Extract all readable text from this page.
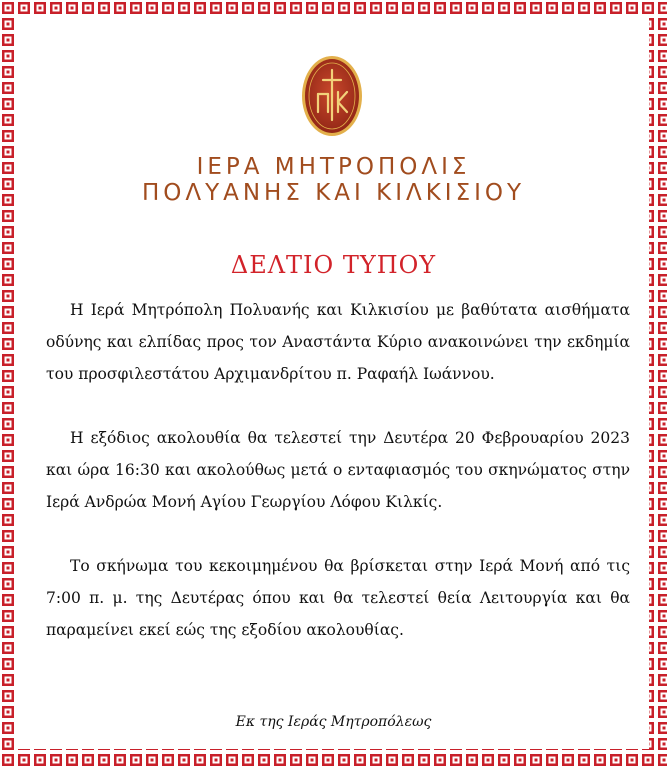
ΙΕΡΑ ΜΗΤΡΟΠΟΛΙΣ
ΠΟΛΥΑΝΗΣ ΚΑΙ ΚΙΛΚΙΣΙΟΥ
ΔΕΛΤΙΟ ΤΥΠΟΥ

Η Ιερά Μητρόπολη Πολυανής και Κιλκισίου με βαθύτατα αισθήματα οδύνης και ελπίδας προς τον Αναστάντα Κύριο ανακοινώνει την εκδημία του προσφιλεστάτου Αρχιμανδρίτου π. Ραφαήλ Ιωάννου.

Η εξόδιος ακολουθία θα τελεστεί την Δευτέρα 20 Φεβρουαρίου 2023 και ώρα 16:30 και ακολούθως μετά ο ενταφιασμός του σκηνώματος στην Ιερά Ανδρώα Μονή Αγίου Γεωργίου Λόφου Κιλκίς.

Το σκήνωμα του κεκοιμημένου θα βρίσκεται στην Ιερά Μονή από τις 7:00 π. μ. της Δευτέρας όπου και θα τελεστεί θεία Λειτουργία και θα παραμείνει εκεί εώς της εξοδίου ακολουθίας.

Εκ της Ιεράς Μητροπόλεως
